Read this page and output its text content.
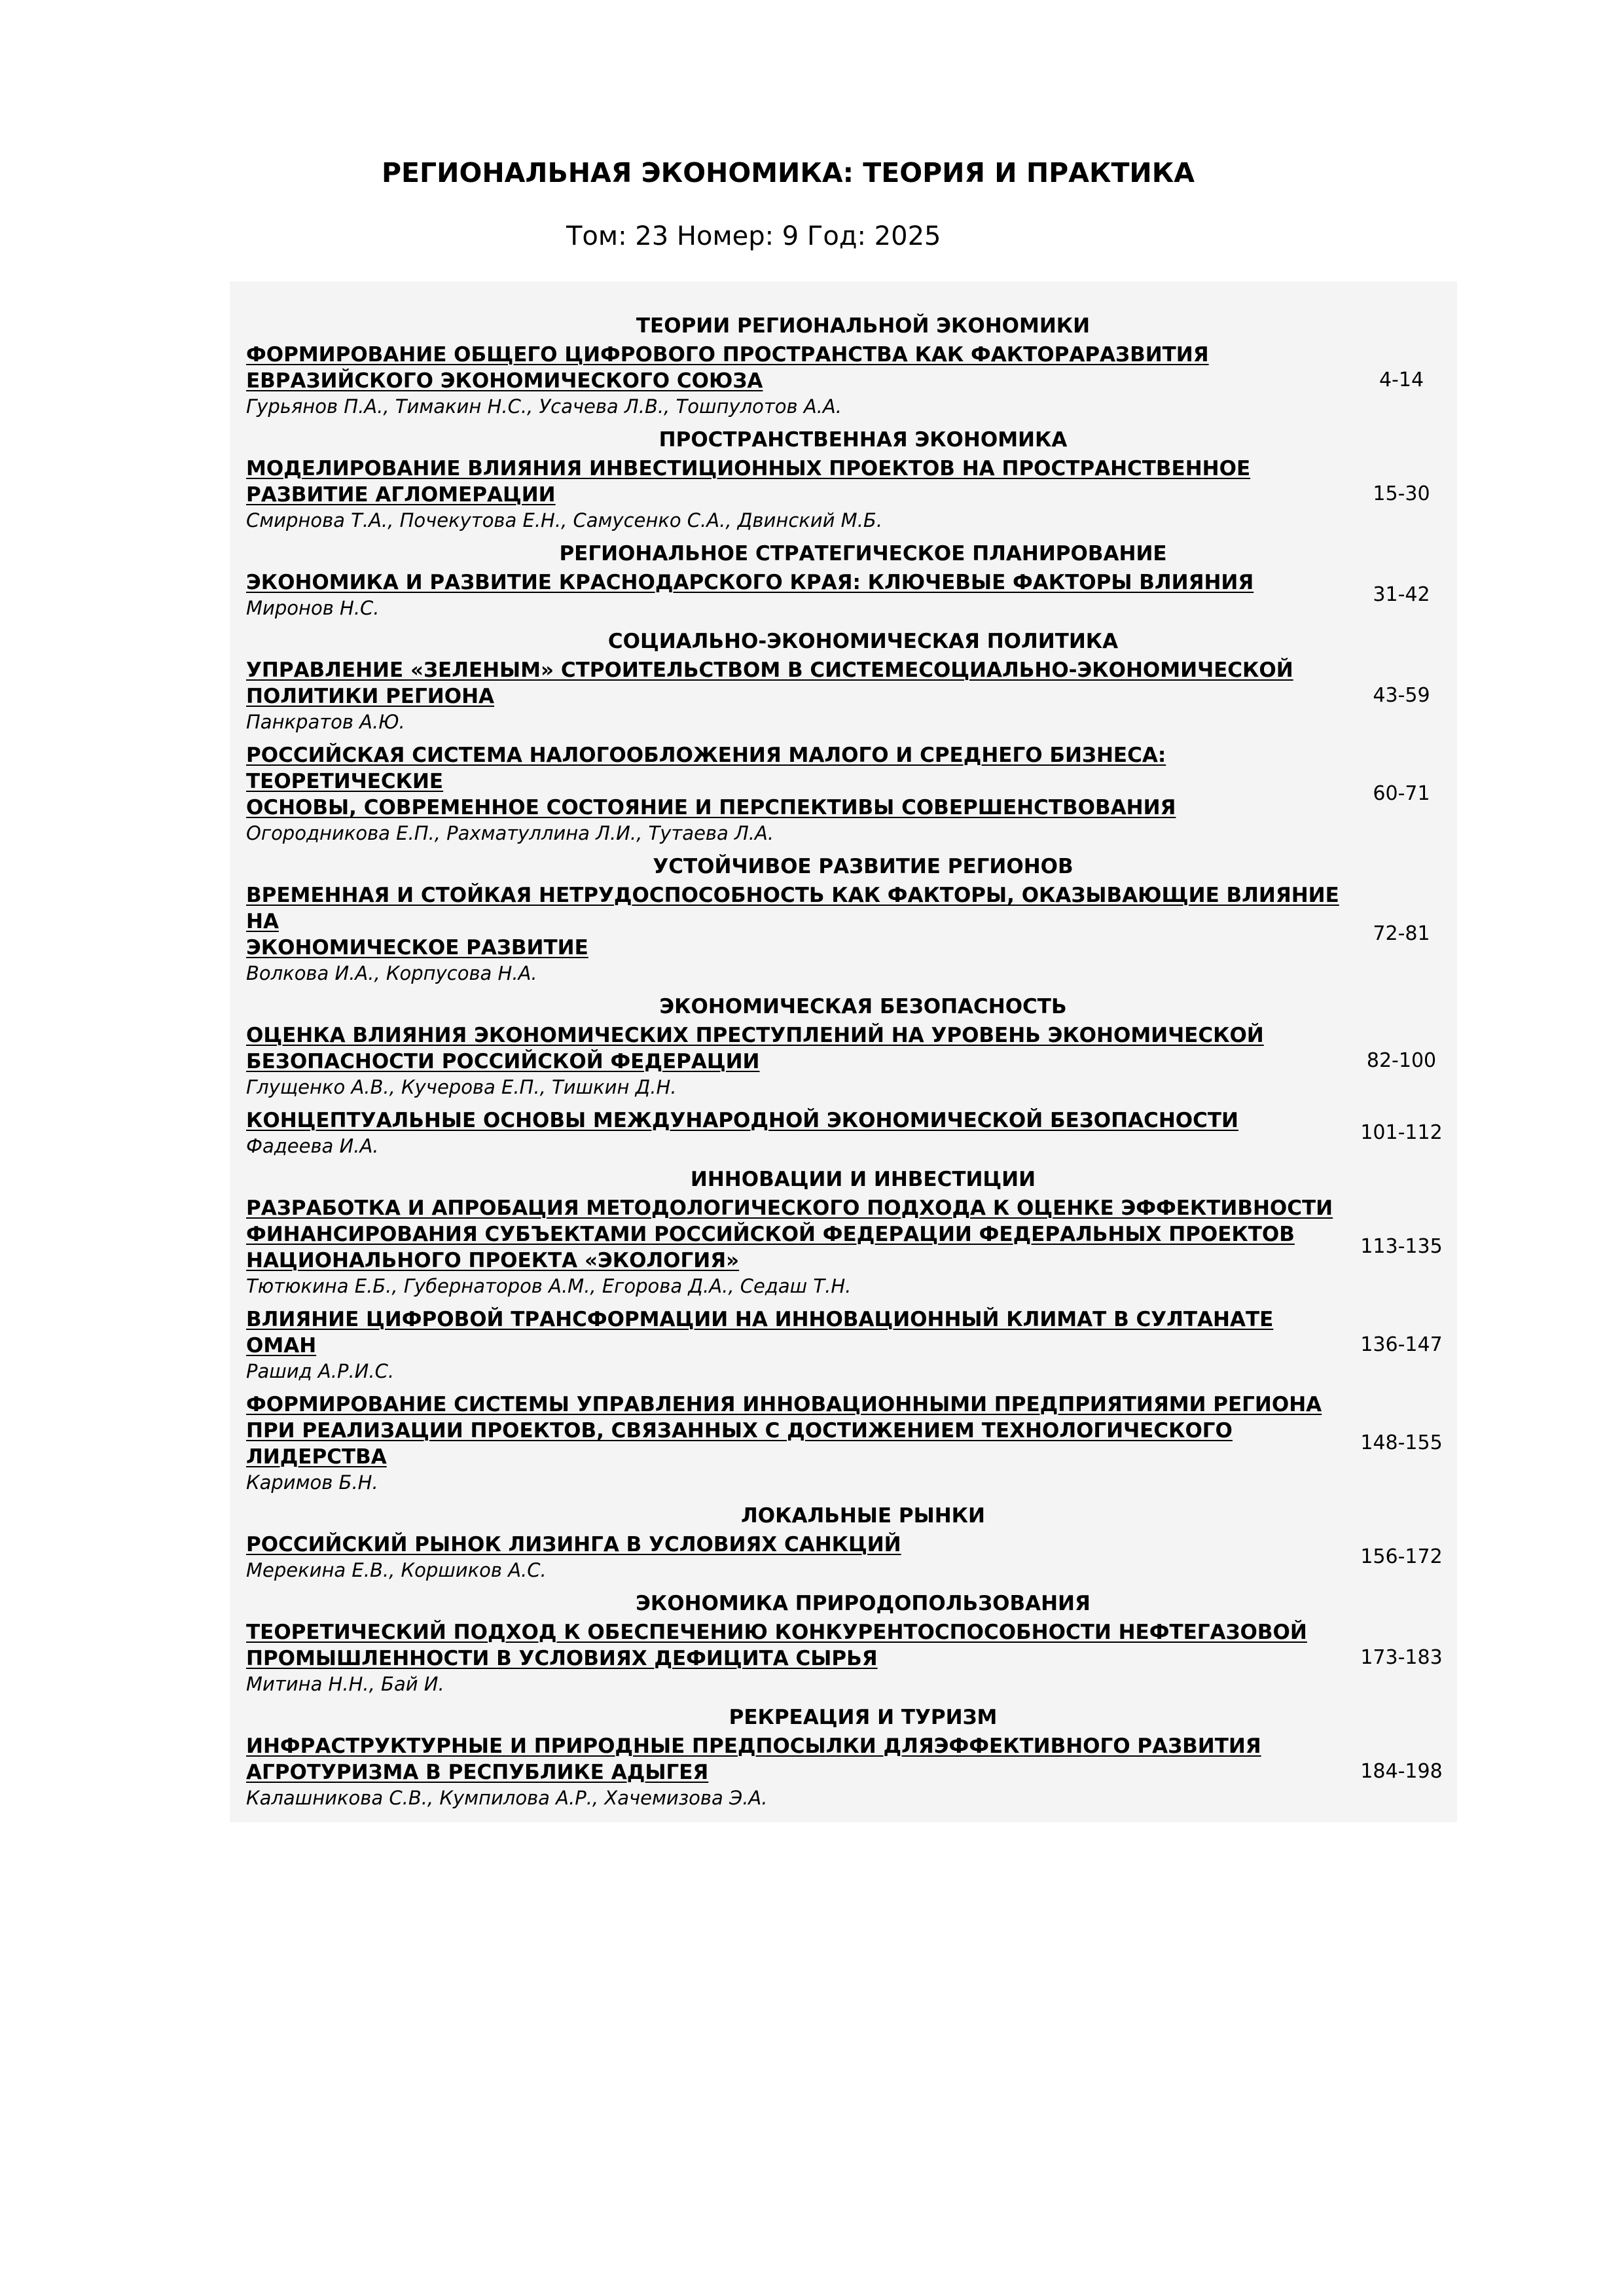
РЕГИОНАЛЬНАЯ ЭКОНОМИКА: ТЕОРИЯ И ПРАКТИКА

Том: 23 Номер: 9 Год: 2025

ТЕОРИИ РЕГИОНАЛЬНОЙ ЭКОНОМИКИ
ФОРМИРОВАНИЕ ОБЩЕГО ЦИФРОВОГО ПРОСТРАНСТВА КАК ФАКТОРАРАЗВИТИЯ
ЕВРАЗИЙСКОГО ЭКОНОМИЧЕСКОГО СОЮЗА
Гурьянов П.А., Тимакин Н.С., Усачева Л.В., Тошпулотов А.А.
4-14
ПРОСТРАНСТВЕННАЯ ЭКОНОМИКА
МОДЕЛИРОВАНИЕ ВЛИЯНИЯ ИНВЕСТИЦИОННЫХ ПРОЕКТОВ НА ПРОСТРАНСТВЕННОЕ
РАЗВИТИЕ АГЛОМЕРАЦИИ
Смирнова Т.А., Почекутова Е.Н., Самусенко С.А., Двинский М.Б.
15-30
РЕГИОНАЛЬНОЕ СТРАТЕГИЧЕСКОЕ ПЛАНИРОВАНИЕ
ЭКОНОМИКА И РАЗВИТИЕ КРАСНОДАРСКОГО КРАЯ: КЛЮЧЕВЫЕ ФАКТОРЫ ВЛИЯНИЯ
Миронов Н.С.
31-42
СОЦИАЛЬНО-ЭКОНОМИЧЕСКАЯ ПОЛИТИКА
УПРАВЛЕНИЕ «ЗЕЛЕНЫМ» СТРОИТЕЛЬСТВОМ В СИСТЕМЕСОЦИАЛЬНО-ЭКОНОМИЧЕСКОЙ
ПОЛИТИКИ РЕГИОНА
Панкратов А.Ю.
43-59
РОССИЙСКАЯ СИСТЕМА НАЛОГООБЛОЖЕНИЯ МАЛОГО И СРЕДНЕГО БИЗНЕСА: ТЕОРЕТИЧЕСКИЕ
ОСНОВЫ, СОВРЕМЕННОЕ СОСТОЯНИЕ И ПЕРСПЕКТИВЫ СОВЕРШЕНСТВОВАНИЯ
Огородникова Е.П., Рахматуллина Л.И., Тутаева Л.А.
60-71
УСТОЙЧИВОЕ РАЗВИТИЕ РЕГИОНОВ
ВРЕМЕННАЯ И СТОЙКАЯ НЕТРУДОСПОСОБНОСТЬ КАК ФАКТОРЫ, ОКАЗЫВАЮЩИЕ ВЛИЯНИЕ НА
ЭКОНОМИЧЕСКОЕ РАЗВИТИЕ
Волкова И.А., Корпусова Н.А.
72-81
ЭКОНОМИЧЕСКАЯ БЕЗОПАСНОСТЬ
ОЦЕНКА ВЛИЯНИЯ ЭКОНОМИЧЕСКИХ ПРЕСТУПЛЕНИЙ НА УРОВЕНЬ ЭКОНОМИЧЕСКОЙ
БЕЗОПАСНОСТИ РОССИЙСКОЙ ФЕДЕРАЦИИ
Глущенко А.В., Кучерова Е.П., Тишкин Д.Н.
82-100
КОНЦЕПТУАЛЬНЫЕ ОСНОВЫ МЕЖДУНАРОДНОЙ ЭКОНОМИЧЕСКОЙ БЕЗОПАСНОСТИ
Фадеева И.А.
101-112
ИННОВАЦИИ И ИНВЕСТИЦИИ
РАЗРАБОТКА И АПРОБАЦИЯ МЕТОДОЛОГИЧЕСКОГО ПОДХОДА К ОЦЕНКЕ ЭФФЕКТИВНОСТИ
ФИНАНСИРОВАНИЯ СУБЪЕКТАМИ РОССИЙСКОЙ ФЕДЕРАЦИИ ФЕДЕРАЛЬНЫХ ПРОЕКТОВ
НАЦИОНАЛЬНОГО ПРОЕКТА «ЭКОЛОГИЯ»
Тютюкина Е.Б., Губернаторов А.М., Егорова Д.А., Седаш Т.Н.
113-135
ВЛИЯНИЕ ЦИФРОВОЙ ТРАНСФОРМАЦИИ НА ИННОВАЦИОННЫЙ КЛИМАТ В СУЛТАНАТЕ ОМАН
Рашид А.Р.И.С.
136-147
ФОРМИРОВАНИЕ СИСТЕМЫ УПРАВЛЕНИЯ ИННОВАЦИОННЫМИ ПРЕДПРИЯТИЯМИ РЕГИОНА
ПРИ РЕАЛИЗАЦИИ ПРОЕКТОВ, СВЯЗАННЫХ С ДОСТИЖЕНИЕМ ТЕХНОЛОГИЧЕСКОГО ЛИДЕРСТВА
Каримов Б.Н.
148-155
ЛОКАЛЬНЫЕ РЫНКИ
РОССИЙСКИЙ РЫНОК ЛИЗИНГА В УСЛОВИЯХ САНКЦИЙ
Мерекина Е.В., Коршиков А.С.
156-172
ЭКОНОМИКА ПРИРОДОПОЛЬЗОВАНИЯ
ТЕОРЕТИЧЕСКИЙ ПОДХОД К ОБЕСПЕЧЕНИЮ КОНКУРЕНТОСПОСОБНОСТИ НЕФТЕГАЗОВОЙ
ПРОМЫШЛЕННОСТИ В УСЛОВИЯХ ДЕФИЦИТА СЫРЬЯ
Митина Н.Н., Бай И.
173-183
РЕКРЕАЦИЯ И ТУРИЗМ
ИНФРАСТРУКТУРНЫЕ И ПРИРОДНЫЕ ПРЕДПОСЫЛКИ ДЛЯЭФФЕКТИВНОГО РАЗВИТИЯ
АГРОТУРИЗМА В РЕСПУБЛИКЕ АДЫГЕЯ
Калашникова С.В., Кумпилова А.Р., Хачемизова Э.А.
184-198
